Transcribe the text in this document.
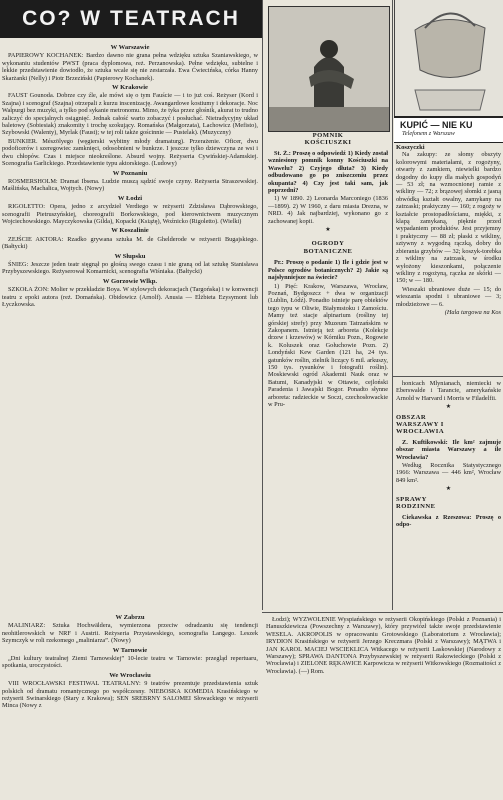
CO? W TEATRACH
W Warszawie

PAPIEROWY KOCHANEK: Bardzo dawno nie grana pełna wdzięku sztuka Szaniawskiego, w wykonaniu studentów PWST (praca dyplomowa, reż. Perzanowska). Pełne wdzięku, subtelne i lekkie przedstawienie dowiodło, że sztuka wcale się nie zestarzała. Ewa Ćwiecińska, córka Hanny Skarżanki (Nelly) i Piotr Brzeziński (Papierowy Kochanek).

W Krakowie

FAUST Gounoda. Dobrze czy źle, ale mówi się o tym Fauście — i to już coś. Reżyser (Kord i Szajna) i scenograf (Szajna) otrzepali z kurzu inscenizację. Awangardowe kostiumy i dekoracje. Noc Walpurgi bez muzyki, a tylko pod sykanie metronomu. Mimo, że tyka przez głośnik, akurat to trudno zaliczyć do specjalnych osiągnięć. Jednak całość warto zobaczyć i posłuchać. Nietradycyjny układ baletowy (Sobiesiak) znakomity i trochę szokujący. Romańska (Małgorzata), Lachowicz (Mefisto), Szybowski (Walenty), Myrlak (Faust); w tej roli także gościnnie — Pustelak). (Muzyczny)

BUNKIER. Mészölyego (węgierski wybitny młody dramaturg). Przerażenie. Oficer, dwu podoficerów i szeregowiec zamknięci, odosobnieni w bunkrze. I jeszcze tylko dziewczyna ze wsi i dwu chłopów. Czas i miejsce nieokreślone. Absurd wojny. Reżyseria Cywińskiej-Adamskiej. Scenografia Garlickiego. Przedstawienie typu aktorskiego. (Ludowy)

W Poznaniu

ROSMERSHOLM: Dramat Ibsena. Ludzie muszą sądzić swoje czyny. Reżyseria Straszewskiej. Maślińska, Machalica, Wojtych. (Nowy)

W Łodzi

RIGOLETTO: Opera, jedno z arcydzieł Verdiego w reżyserii Zdzisława Dąbrowskiego, scenografii Pietruszyńskiej, choreografii Borkowskiego, pod kierownictwem muzycznym Wojciechowskiego. Mayczykowska (Gilda), Kopacki (Książę), Woźnicko (Rigoletto). (Wielki)

W Koszalinie

ZEJŚCIE AKTORA: Rzadko grywana sztuka M. de Ghelderode w reżyserii Bugajskiego. (Bałtycki)

W Słupsku

ŚNIEG: Jeszcze jeden teatr sięgnął po głośną swego czasu i nie graną od lat sztukę Stanisława Przybyszewskiego. Reżyserował Komarnicki, scenografia Wiśniaka. (Bałtycki)

W Gorzowie Wlkp.

SZKOŁA ŻON: Molier w przekładzie Boya. W stylowych dekoracjach (Targońska) i w konwencji teatru z epoki autora (reż. Domańska). Obidowicz (Arnolf). Anusia — Elżbieta Ezysymont lub Łyczkowska.

POMNIK
KOŚCIUSZKI

St. Ż.: Proszę o odpowiedź 1) Kiedy został wzniesiony pomnik konny Kościuszki na Wawelu? 2) Czyjego dłuta? 3) Kiedy odbudowano go po zniszczeniu przez okupanta? 4) Czy jest taki sam, jak poprzedni?

1) W 1890. 2) Leonarda Marconiego (1836—1899). 2) W 1960, z daru miasta Drezna, w NRD. 4) Jak najbardziej, wykonano go z zachowanej kopii.

★
OGRODY
BOTANICZNE

Pr.: Proszę o podanie 1) Ile i gdzie jest w Polsce ogrodów botanicznych? 2) Jakie są najsłynniejsze na świecie?

1) Pięć: Krakow, Warszawa, Wrocław, Poznań, Bydgoszcz + dwa w organizacji (Lublin, Łódź). Ponadto istnieje parę obiektów tego typu w Oliwie, Białymstoku i Zamościu. Mamy też stacje alpinarium (rośliny tej górskiej strefy) przy Muzeum Tatrzańskim w Zakopanem. Istnieją też arboreta (Kolekcje drzew i krzewów) w Kórniku Pozn., Rogowie k. Koluszek oraz Gołuchowie Pozn. 2) Londyński Kew Garden (121 ha, 24 tys. gatunków roślin, zielnik liczący 6 mil. arkuszy, 150 tys. rysunków i fotografii roślin). Moskiewski ogród Akademii Nauk oraz w Batumi, Kanadyjski w Ottawie, cejloński Paradenia i Jawajski Bogor. Ponadto słynne arboreta: radzieckie w Soczi, czechosłowackie w Pru-

KUPIĆ — NIE KU
Telefonem z Warszaw
Koszyczki

Na zakupy: ze słomy obszyty kolorowymi materiałami, z rogożyny, otwarty z zamkiem, niewielki bardzo dogodny do kupy dla małych gospodyń — 53 zł; na wzmocnionej ramie z wikliny — 72; z brązowej słomki z jasną obwódką kształt owalny, zamykany na zatrzaski; praktyczny — 160; z rogoży w kształcie prostopadłościanu, miękki, z klapą zamykaną, pięknie przed wypadaniem produktów. Jest przyjemny i praktyczny — 88 zł; płaski z wikliny, sztywny z wygodną rączką, dobry do zbierania grzybów — 32; koszyk-torebka z wikliny na zatrzask, w środku wyłożony kieszonkami, połączenie wikliny z rogożyną, rączka ze skórki — 150; w — 180.

Wieszaki ubraniowe duże — 15; do wieszania spodni i ubraniowe — 3; młodzieżowe — 6.

(Hala targowa na Kos

honicach Mlynianach, niemiecki w Eberswalde i Tarancie, amerykańskie Arnold w Harvard i Morris w Filadelfii.

★
OBSZAR
WARSZAWY I
WROCŁAWIA

Z. Kuftikowski: Ile km² zajmuje obszar miasta Warszawy a ile Wrocławia?

Według Rocznika Statystycznego 1966: Warszawa — 446 km², Wrocław 849 km².

★
SPRAWY
RODZINNE

Ciekawska z Rzeszowa: Proszę o odpo-

Łodzi); WYZWOLENIE Wyspiańskiego w reżyserii Okopińskiego (Polski z Poznania) i Hanuszkiewicza (Powszechny z Warszawy), który przywiózł także swoje przedstawienie WESELA. AKROPOLIS w opracowaniu Grotowskiego (Laboratorium z Wrocławia); IRYDION Krasińskiego w reżyserii Jerzego Kreczmara (Polski z Warszawy); MĄTWA i JAN KAROL MACIEJ WSCIEKLICA Witkacego w reżyserii Laskowskiej (Narodowy z Warszawy); SPRAWA DANTONA Przybyszewskiej w reżyserii Rakowieckiego (Polski z Wrocławia) i ZIELONE RĘKAWICE Karpowicza w reżyserii Witkowskiego (Rozmaitości z Wrocławia). (—) Rom.

W Zabrzu

MALINIARZ: Sztuka Hochwäldera, wymierzona przeciw odradzaniu się tendencji neohitlerowskich w NRF i Austrii. Reżyseria Przystawskiego, scenografia Langego. Leszek Szymczyk w roli rzekomego „maliniarza”. (Nowy)

W Tarnowie

„Dni kultury teatralnej Ziemi Tarnowskiej” 10-lecie teatru w Tarnowie: przegląd repertuaru, spotkania, uroczystości.

We Wrocławiu

VIII WROCŁAWSKI FESTIWAL TEATRALNY: 9 teatrów prezentuje przedstawienia sztuk polskich od dramatu romantycznego po współczesny. NIEBOSKA KOMEDIA Krasińskiego w reżyserii Swinarskiego (Stary z Krakowa); SEN SREBRNY SALOMEI Słowackiego w reżyserii Minca (Nowy z
